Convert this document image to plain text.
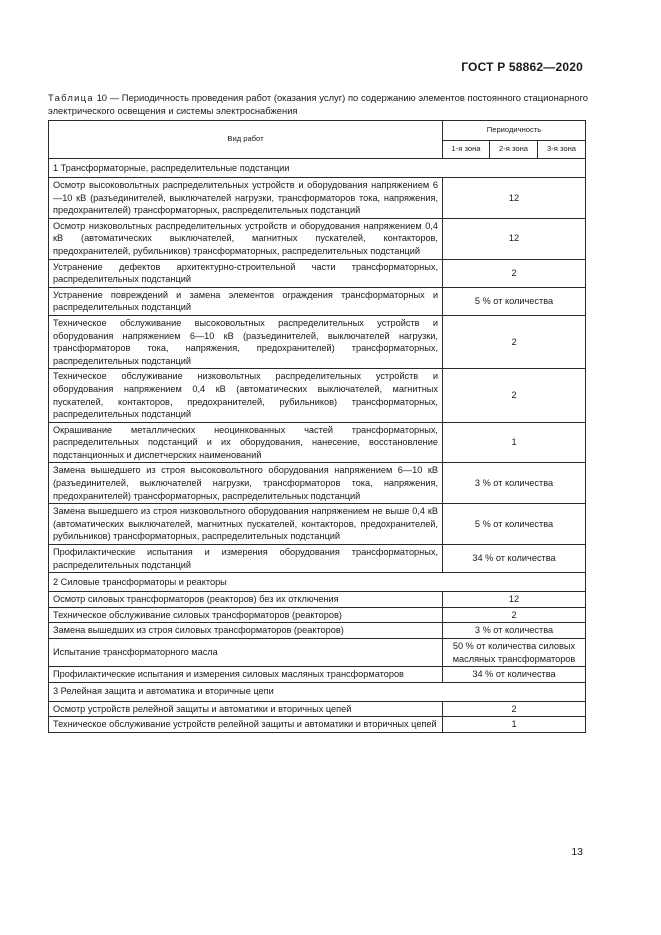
ГОСТ Р 58862—2020
Таблица 10 — Периодичность проведения работ (оказания услуг) по содержанию элементов постоянного стационарного электрического освещения и системы электроснабжения
Вид работ	Периодичность		
	1-я зона	2-я зона	3-я зона
1 Трансформаторные, распределительные подстанции			
Осмотр высоковольтных распределительных устройств и оборудования напряжением 6—10 кВ (разъединителей, выключателей нагрузки, трансформаторов тока, напряжения, предохранителей) трансформаторных, распределительных подстанций	12		
Осмотр низковольтных распределительных устройств и оборудования напряжением 0,4 кВ (автоматических выключателей, магнитных пускателей, контакторов, предохранителей, рубильников) трансформаторных, распределительных подстанций	12		
Устранение дефектов архитектурно-строительной части трансформаторных, распределительных подстанций	2		
Устранение повреждений и замена элементов ограждения трансформаторных и распределительных подстанций	5 % от количества		
Техническое обслуживание высоковольтных распределительных устройств и оборудования напряжением 6—10 кВ (разъединителей, выключателей нагрузки, трансформаторов тока, напряжения, предохранителей) трансформаторных, распределительных подстанций	2		
Техническое обслуживание низковольтных распределительных устройств и оборудования напряжением 0,4 кВ (автоматических выключателей, магнитных пускателей, контакторов, предохранителей, рубильников) трансформаторных, распределительных подстанций	2		
Окрашивание металлических неоцинкованных частей трансформаторных, распределительных подстанций и их оборудования, нанесение, восстановление подстанционных и диспетчерских наименований	1		
Замена вышедшего из строя высоковольтного оборудования напряжением 6—10 кВ (разъединителей, выключателей нагрузки, трансформаторов тока, напряжения, предохранителей) трансформаторных, распределительных подстанций	3 % от количества		
Замена вышедшего из строя низковольтного оборудования напряжением не выше 0,4 кВ (автоматических выключателей, магнитных пускателей, контакторов, предохранителей, рубильников) трансформаторных, распределительных подстанций	5 % от количества		
Профилактические испытания и измерения оборудования трансформаторных, распределительных подстанций	34 % от количества		
2 Силовые трансформаторы и реакторы			
Осмотр силовых трансформаторов (реакторов) без их отключения	12		
Техническое обслуживание силовых трансформаторов (реакторов)	2		
Замена вышедших из строя силовых трансформаторов (реакторов)	3 % от количества		
Испытание трансформаторного масла	50 % от количества силовых масляных трансформаторов		
Профилактические испытания и измерения силовых масляных трансформаторов	34 % от количества		
3 Релейная защита и автоматика и вторичные цепи			
Осмотр устройств релейной защиты и автоматики и вторичных цепей	2		
Техническое обслуживание устройств релейной защиты и автоматики и вторичных цепей	1		
13
